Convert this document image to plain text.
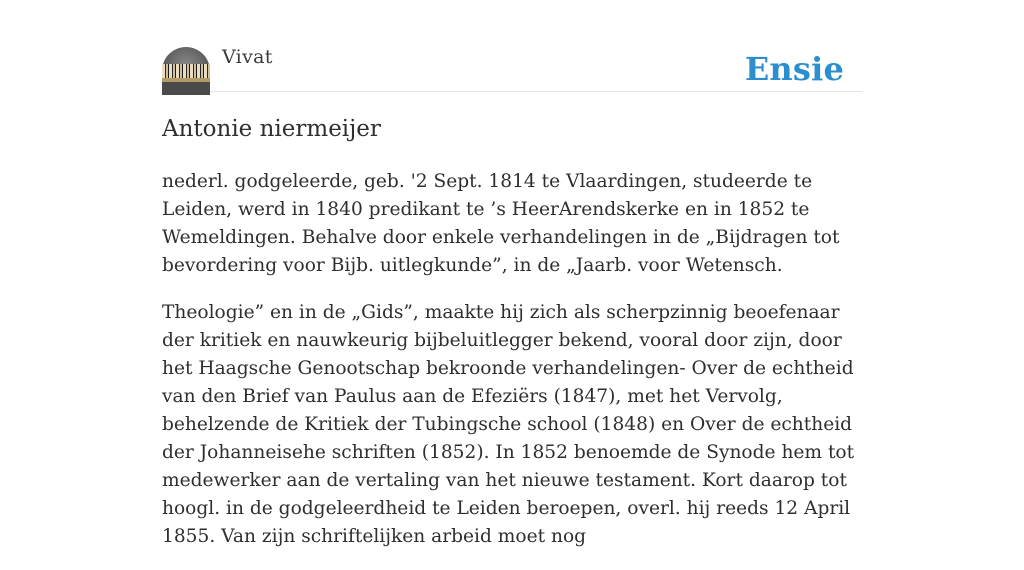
Vivat	Ensie
Antonie niermeijer

nederl. godgeleerde, geb. '2 Sept. 1814 te Vlaardingen, studeerde te Leiden, werd in 1840 predikant te ’s HeerArendskerke en in 1852 te Wemeldingen. Behalve door enkele verhandelingen in de „Bijdragen tot bevordering voor Bijb. uitlegkunde”, in de „Jaarb. voor Wetensch.

Theologie” en in de „Gids”, maakte hij zich als scherpzinnig beoefenaar der kritiek en nauwkeurig bijbeluitlegger bekend, vooral door zijn, door het Haagsche Genootschap bekroonde verhandelingen- Over de echtheid van den Brief van Paulus aan de Efeziërs (1847), met het Vervolg, behelzende de Kritiek der Tubingsche school (1848) en Over de echtheid der Johanneisehe schriften (1852). In 1852 benoemde de Synode hem tot medewerker aan de vertaling van het nieuwe testament. Kort daarop tot hoogl. in de godgeleerdheid te Leiden beroepen, overl. hij reeds 12 April 1855. Van zijn schriftelijken arbeid moet nog
